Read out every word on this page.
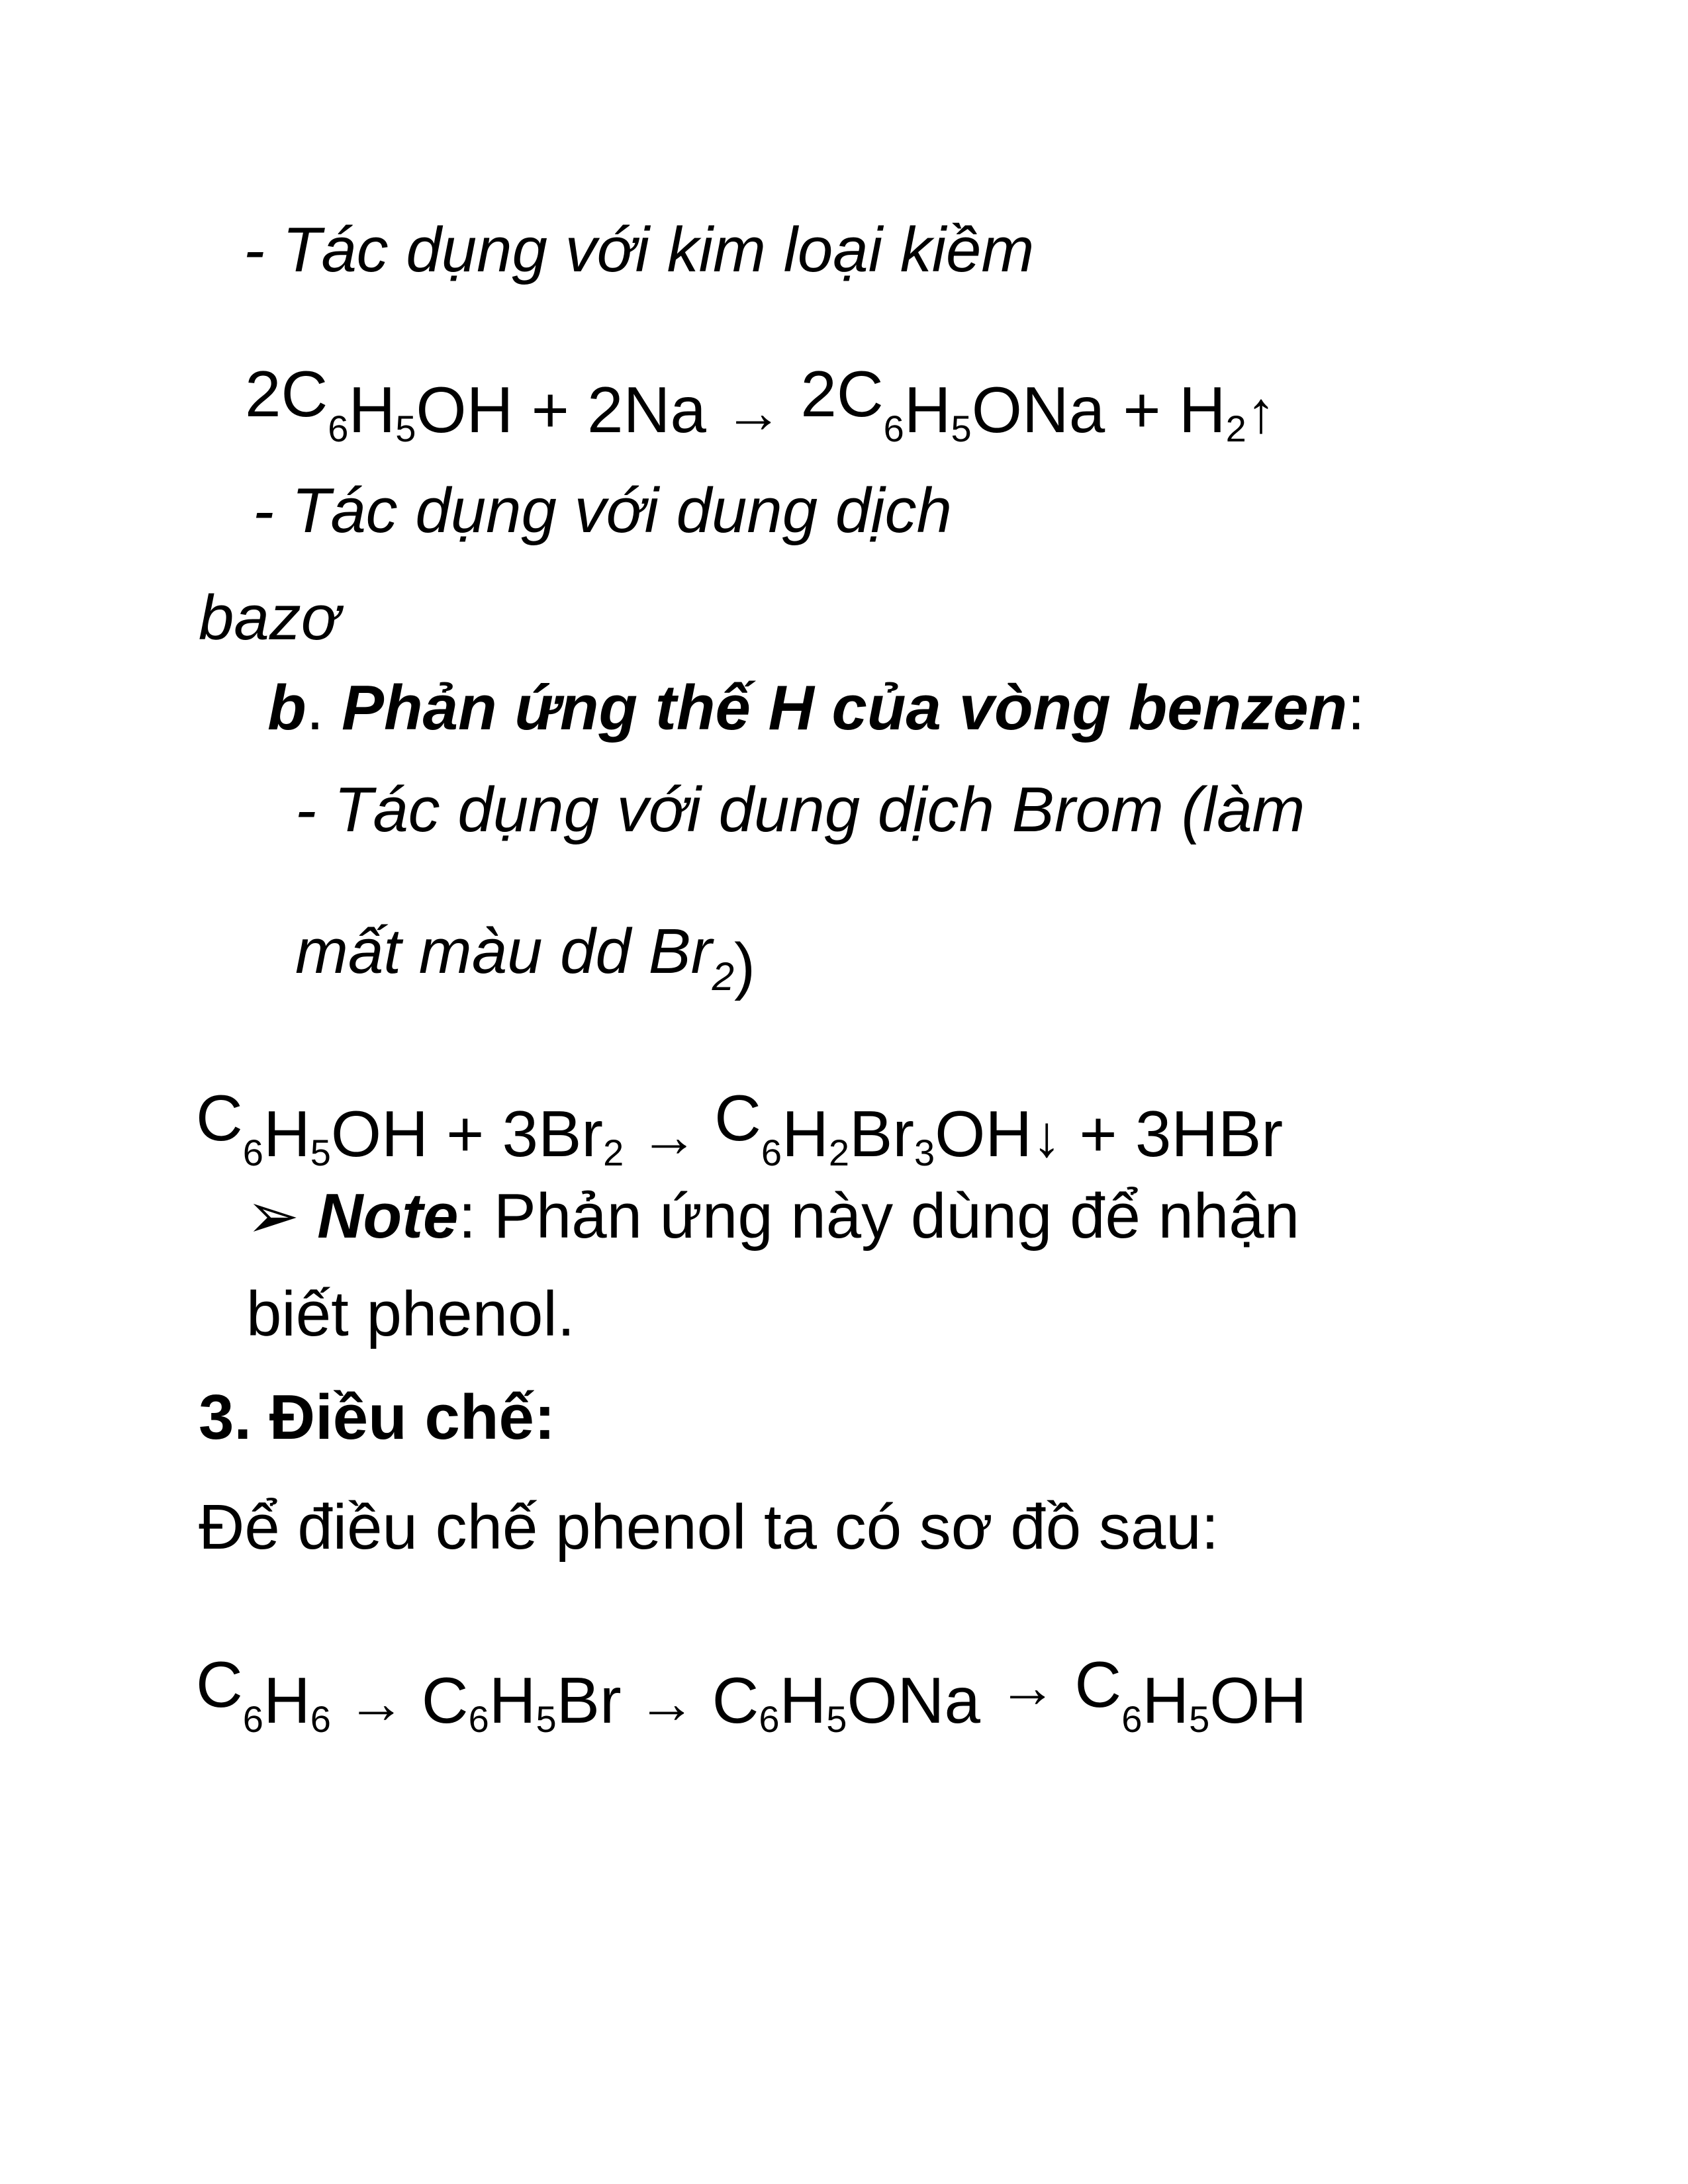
- Tác dụng với kim loại kiềm
2C6H5OH + 2Na → 2C6H5ONa + H2↑
- Tác dụng với dung dịch
bazơ
b. Phản ứng thế H của vòng benzen:
- Tác dụng với dung dịch Brom (làm
mất màu dd $Br_2$)
C6H5OH + 3Br2 → C6H2Br3OH↓ + 3HBr
➢ Note: Phản ứng này dùng để nhận
biết phenol.
3. Điều chế:
Để điều chế phenol ta có sơ đồ sau:
C6H6 → C6H5Br → C6H5ONa → C6H5OH
